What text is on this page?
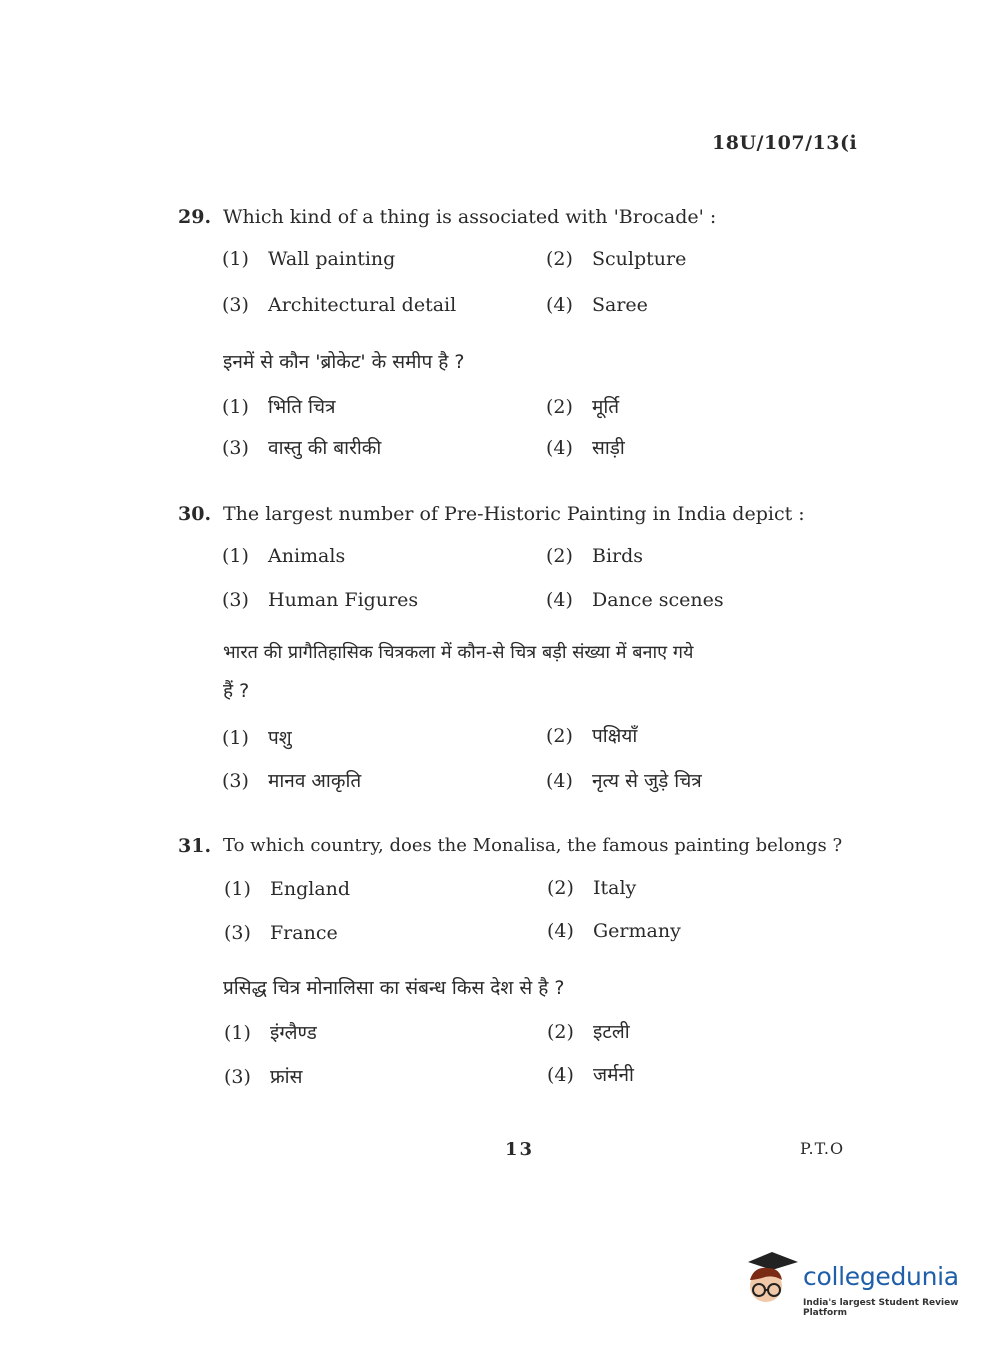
18U/107/13(i
29. Which kind of a thing is associated with 'Brocade' :
(1) Wall painting	(2) Sculpture
(3) Architectural detail	(4) Saree
इनमें से कौन 'ब्रोकेट' के समीप है ?
(1) भिति चित्र	(2) मूर्ति
(3) वास्तु की बारीकी	(4) साड़ी
30. The largest number of Pre-Historic Painting in India depict :
(1) Animals	(2) Birds
(3) Human Figures	(4) Dance scenes
भारत की प्रागैतिहासिक चित्रकला में कौन-से चित्र बड़ी संख्या में बनाए गये
हैं ?
(1) पशु	(2) पक्षियाँ
(3) मानव आकृति	(4) नृत्य से जुड़े चित्र
31. To which country, does the Monalisa, the famous painting belongs ?
(1) England	(2) Italy
(3) France	(4) Germany
प्रसिद्ध चित्र मोनालिसा का संबन्ध किस देश से है ?
(1) इंग्लैण्ड	(2) इटली
(3) फ्रांस	(4) जर्मनी
13	P.T.O
collegedunia
India's largest Student Review Platform
